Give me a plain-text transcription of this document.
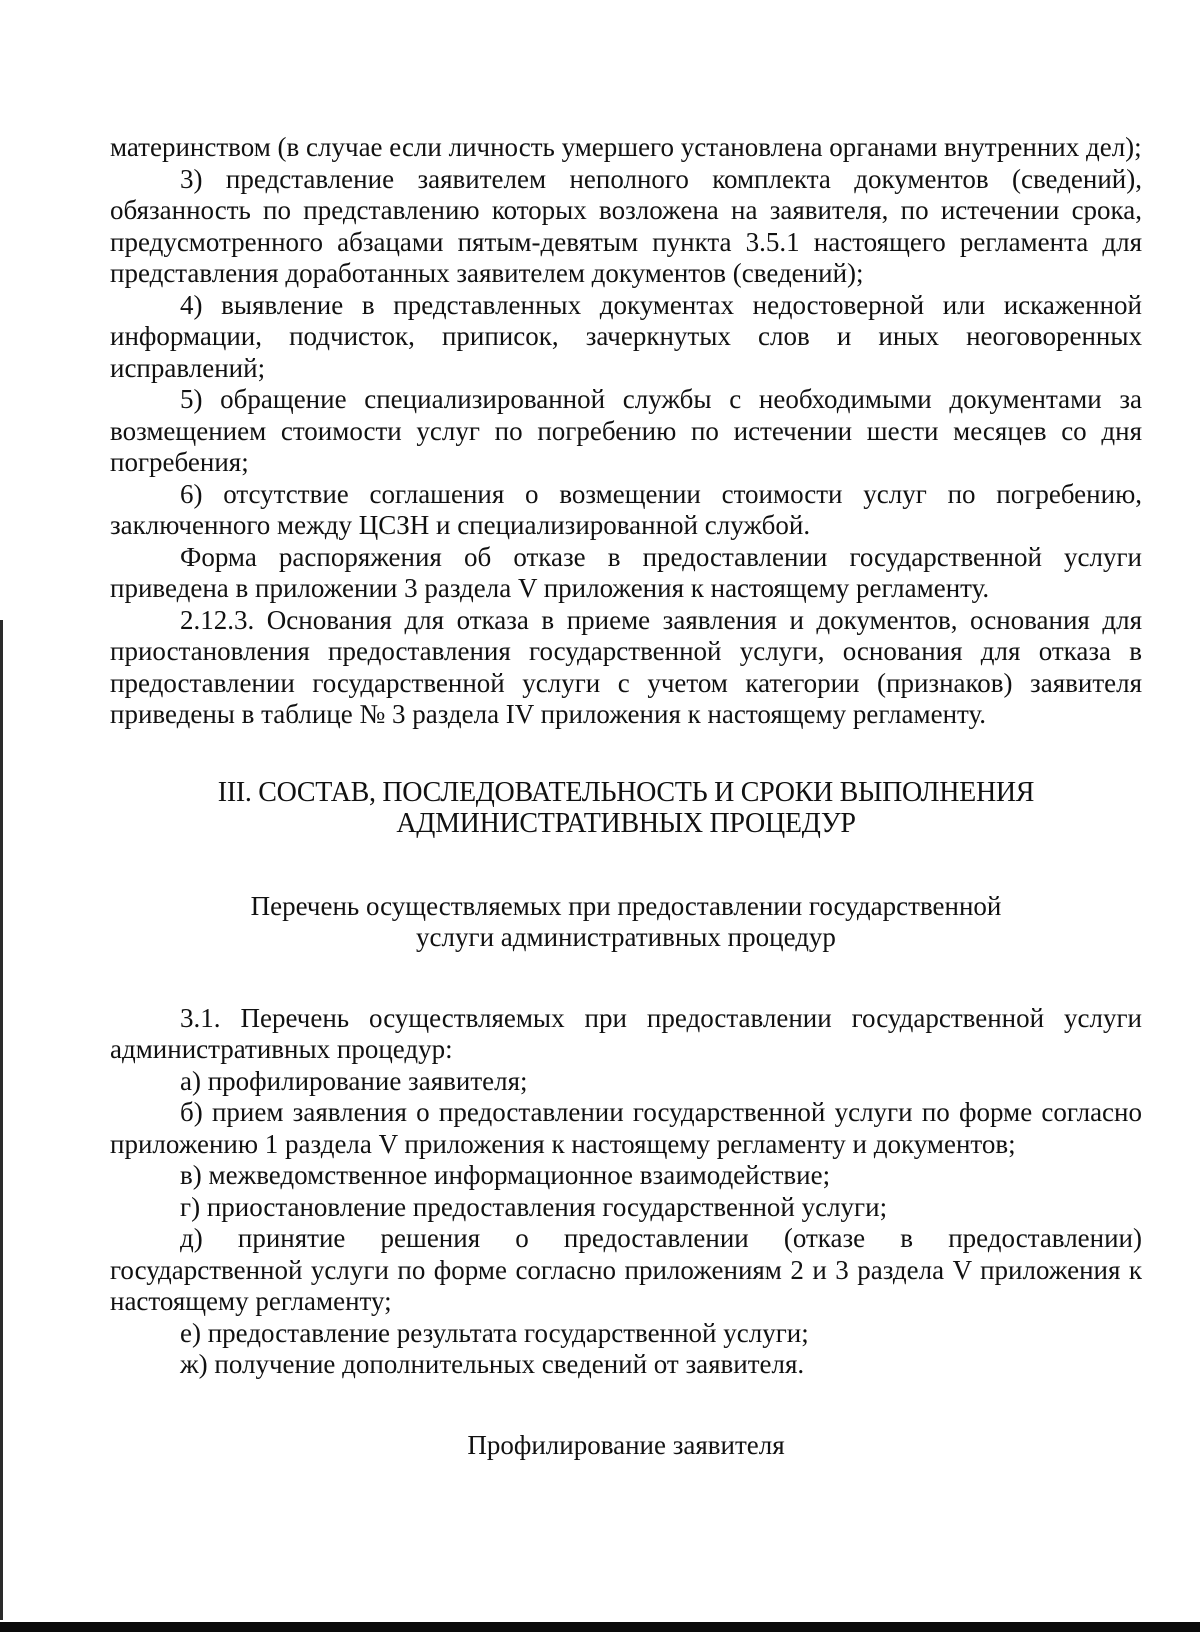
материнством (в случае если личность умершего установлена органами внутренних дел);

3) представление заявителем неполного комплекта документов (сведений), обязанность по представлению которых возложена на заявителя, по истечении срока, предусмотренного абзацами пятым-девятым пункта 3.5.1 настоящего регламента для представления доработанных заявителем документов (сведений);

4) выявление в представленных документах недостоверной или искаженной информации, подчисток, приписок, зачеркнутых слов и иных неоговоренных исправлений;

5) обращение специализированной службы с необходимыми документами за возмещением стоимости услуг по погребению по истечении шести месяцев со дня погребения;

6) отсутствие соглашения о возмещении стоимости услуг по погребению, заключенного между ЦСЗН и специализированной службой.

Форма распоряжения об отказе в предоставлении государственной услуги приведена в приложении 3 раздела V приложения к настоящему регламенту.

2.12.3. Основания для отказа в приеме заявления и документов, основания для приостановления предоставления государственной услуги, основания для отказа в предоставлении государственной услуги с учетом категории (признаков) заявителя приведены в таблице № 3 раздела IV приложения к настоящему регламенту.

III. СОСТАВ, ПОСЛЕДОВАТЕЛЬНОСТЬ И СРОКИ ВЫПОЛНЕНИЯ
АДМИНИСТРАТИВНЫХ ПРОЦЕДУР
Перечень осуществляемых при предоставлении государственной
услуги административных процедур

3.1. Перечень осуществляемых при предоставлении государственной услуги административных процедур:

а) профилирование заявителя;

б) прием заявления о предоставлении государственной услуги по форме согласно приложению 1 раздела V приложения к настоящему регламенту и документов;

в) межведомственное информационное взаимодействие;

г) приостановление предоставления государственной услуги;

д) принятие решения о предоставлении (отказе в предоставлении) государственной услуги по форме согласно приложениям 2 и 3 раздела V приложения к настоящему регламенту;

е) предоставление результата государственной услуги;

ж) получение дополнительных сведений от заявителя.

Профилирование заявителя
